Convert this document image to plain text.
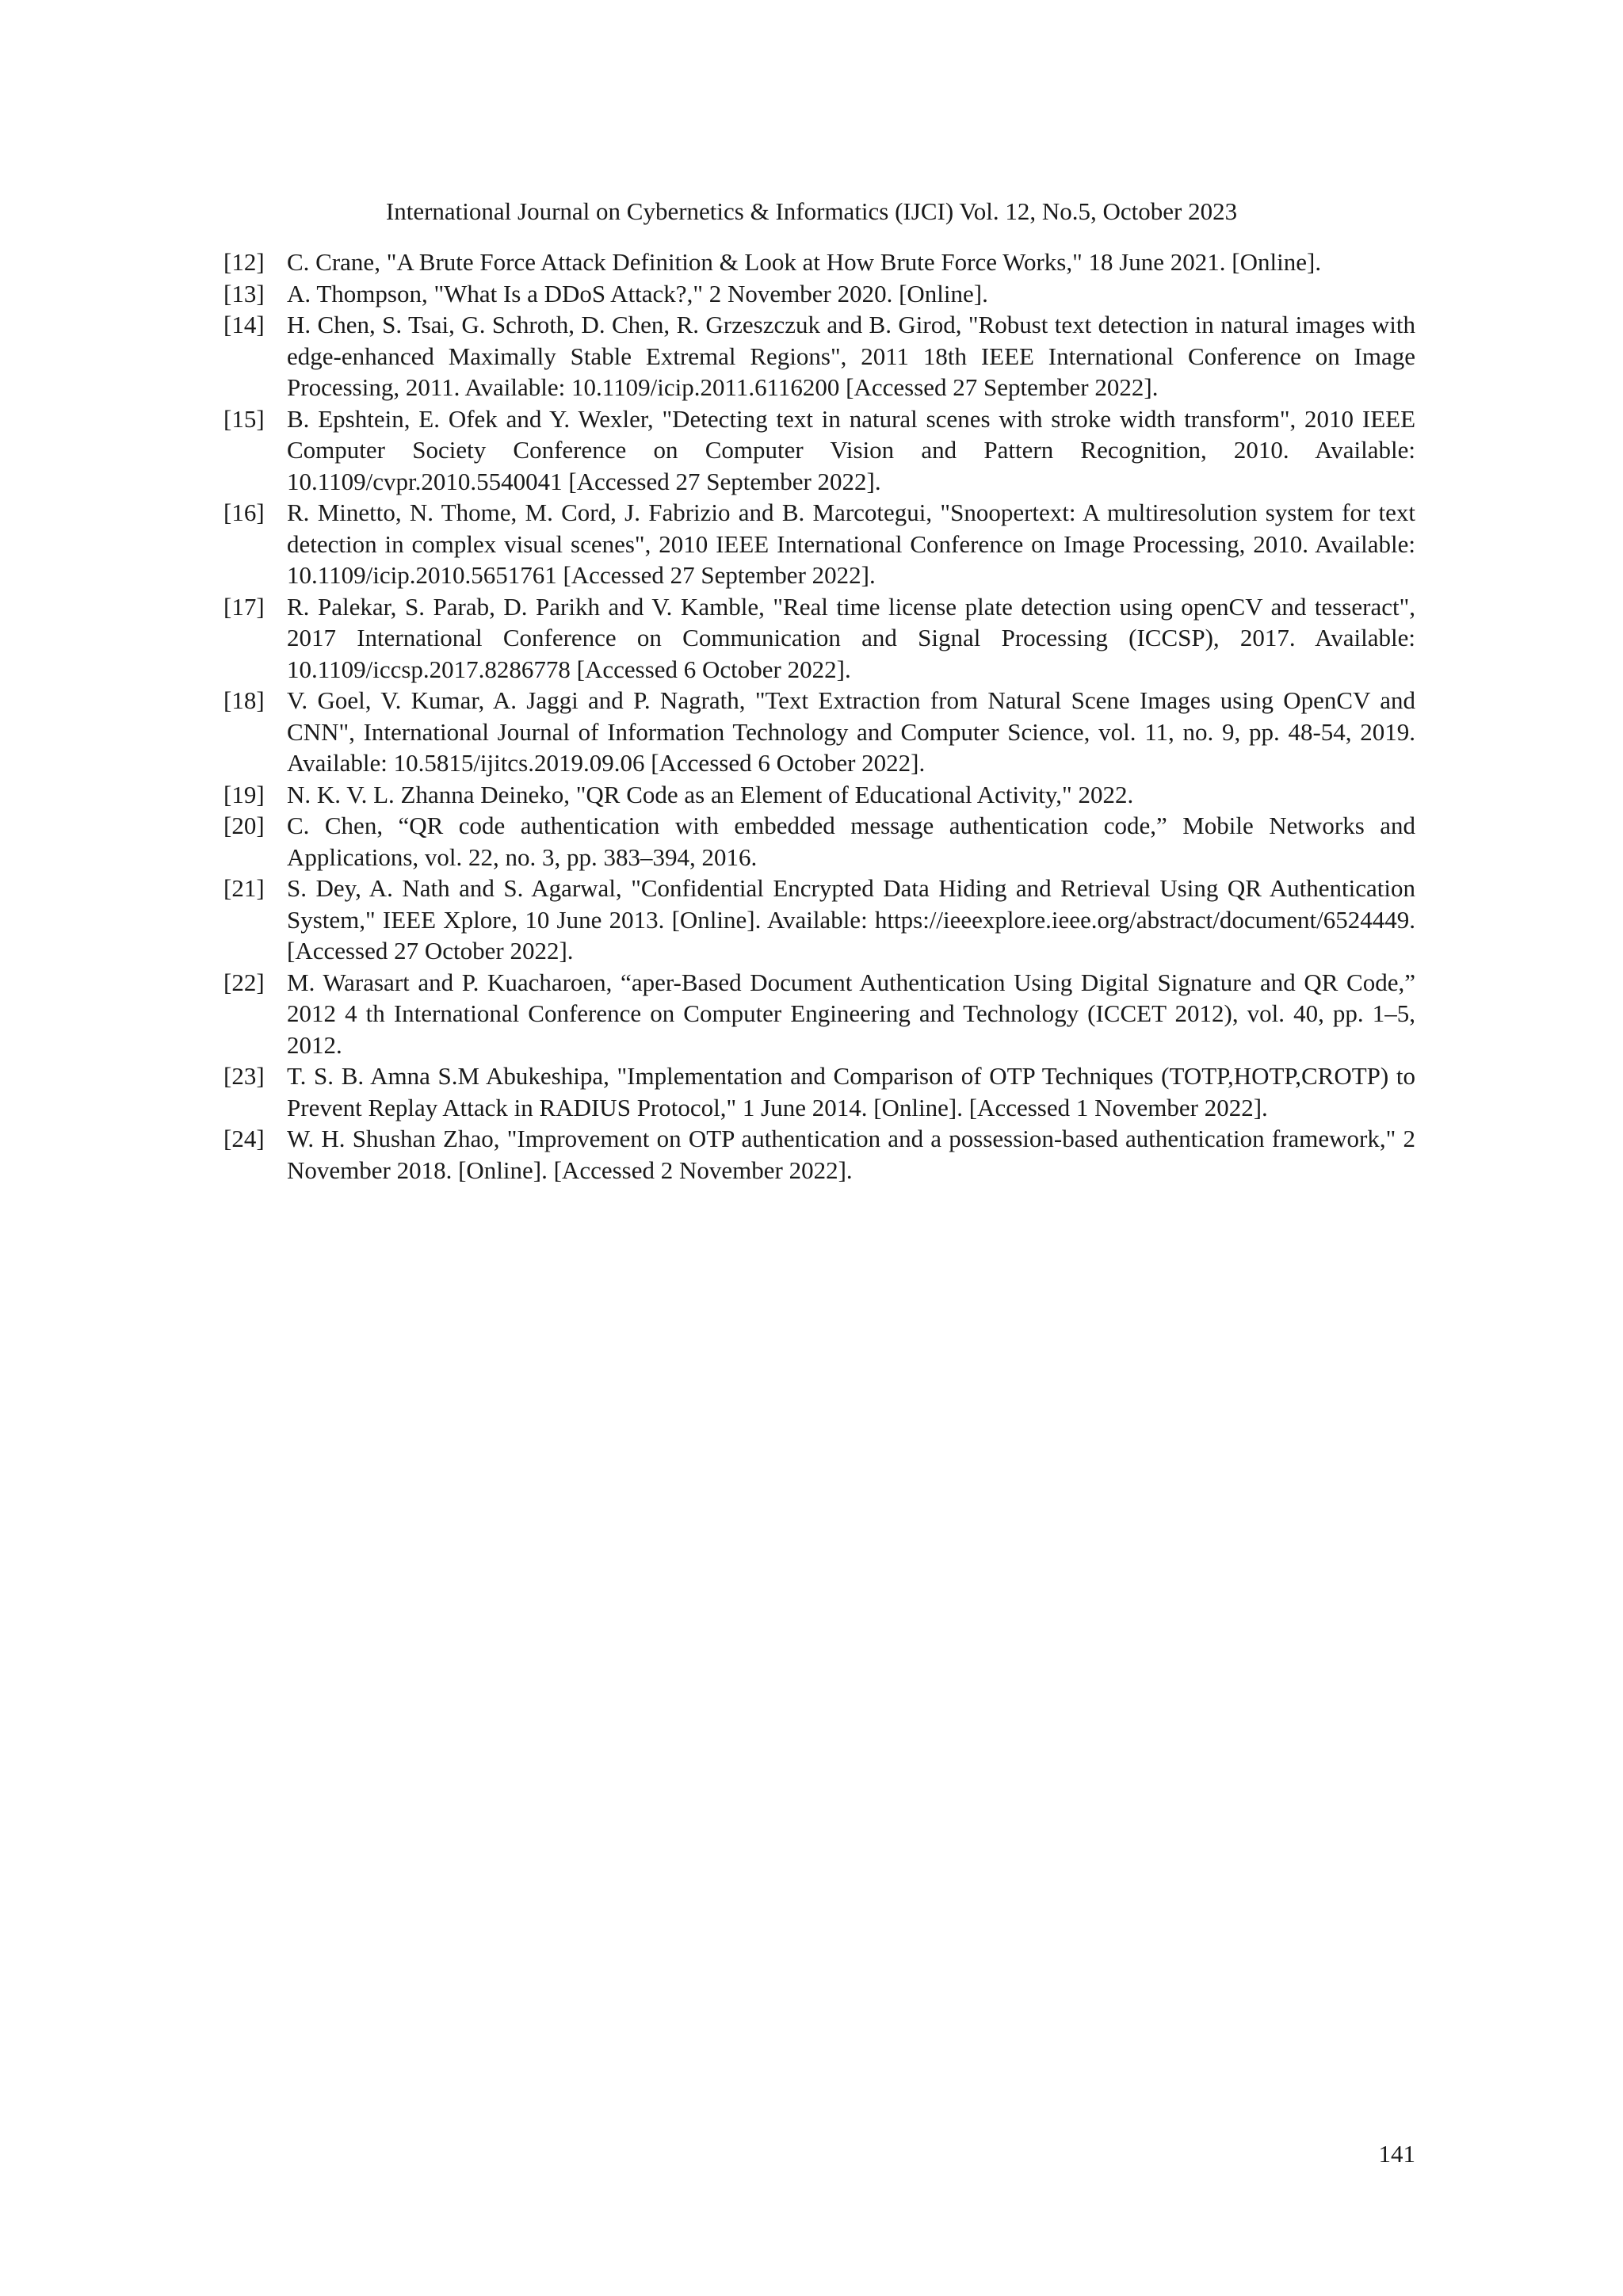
International Journal on Cybernetics & Informatics (IJCI) Vol. 12, No.5, October 2023
[12] C. Crane, "A Brute Force Attack Definition & Look at How Brute Force Works," 18 June 2021. [Online].
[13] A. Thompson, "What Is a DDoS Attack?," 2 November 2020. [Online].
[14] H. Chen, S. Tsai, G. Schroth, D. Chen, R. Grzeszczuk and B. Girod, "Robust text detection in natural images with edge-enhanced Maximally Stable Extremal Regions", 2011 18th IEEE International Conference on Image Processing, 2011. Available: 10.1109/icip.2011.6116200 [Accessed 27 September 2022].
[15] B. Epshtein, E. Ofek and Y. Wexler, "Detecting text in natural scenes with stroke width transform", 2010 IEEE Computer Society Conference on Computer Vision and Pattern Recognition, 2010. Available: 10.1109/cvpr.2010.5540041 [Accessed 27 September 2022].
[16] R. Minetto, N. Thome, M. Cord, J. Fabrizio and B. Marcotegui, "Snoopertext: A multiresolution system for text detection in complex visual scenes", 2010 IEEE International Conference on Image Processing, 2010. Available: 10.1109/icip.2010.5651761 [Accessed 27 September 2022].
[17] R. Palekar, S. Parab, D. Parikh and V. Kamble, "Real time license plate detection using openCV and tesseract", 2017 International Conference on Communication and Signal Processing (ICCSP), 2017. Available: 10.1109/iccsp.2017.8286778 [Accessed 6 October 2022].
[18] V. Goel, V. Kumar, A. Jaggi and P. Nagrath, "Text Extraction from Natural Scene Images using OpenCV and CNN", International Journal of Information Technology and Computer Science, vol. 11, no. 9, pp. 48-54, 2019. Available: 10.5815/ijitcs.2019.09.06 [Accessed 6 October 2022].
[19] N. K. V. L. Zhanna Deineko, "QR Code as an Element of Educational Activity," 2022.
[20] C. Chen, “QR code authentication with embedded message authentication code,” Mobile Networks and Applications, vol. 22, no. 3, pp. 383–394, 2016.
[21] S. Dey, A. Nath and S. Agarwal, "Confidential Encrypted Data Hiding and Retrieval Using QR Authentication System," IEEE Xplore, 10 June 2013. [Online]. Available: https://ieeexplore.ieee.org/abstract/document/6524449. [Accessed 27 October 2022].
[22] M. Warasart and P. Kuacharoen, “aper-Based Document Authentication Using Digital Signature and QR Code,” 2012 4 th International Conference on Computer Engineering and Technology (ICCET 2012), vol. 40, pp. 1–5, 2012.
[23] T. S. B. Amna S.M Abukeshipa, "Implementation and Comparison of OTP Techniques (TOTP,HOTP,CROTP) to Prevent Replay Attack in RADIUS Protocol," 1 June 2014. [Online]. [Accessed 1 November 2022].
[24] W. H. Shushan Zhao, "Improvement on OTP authentication and a possession-based authentication framework," 2 November 2018. [Online]. [Accessed 2 November 2022].
141
